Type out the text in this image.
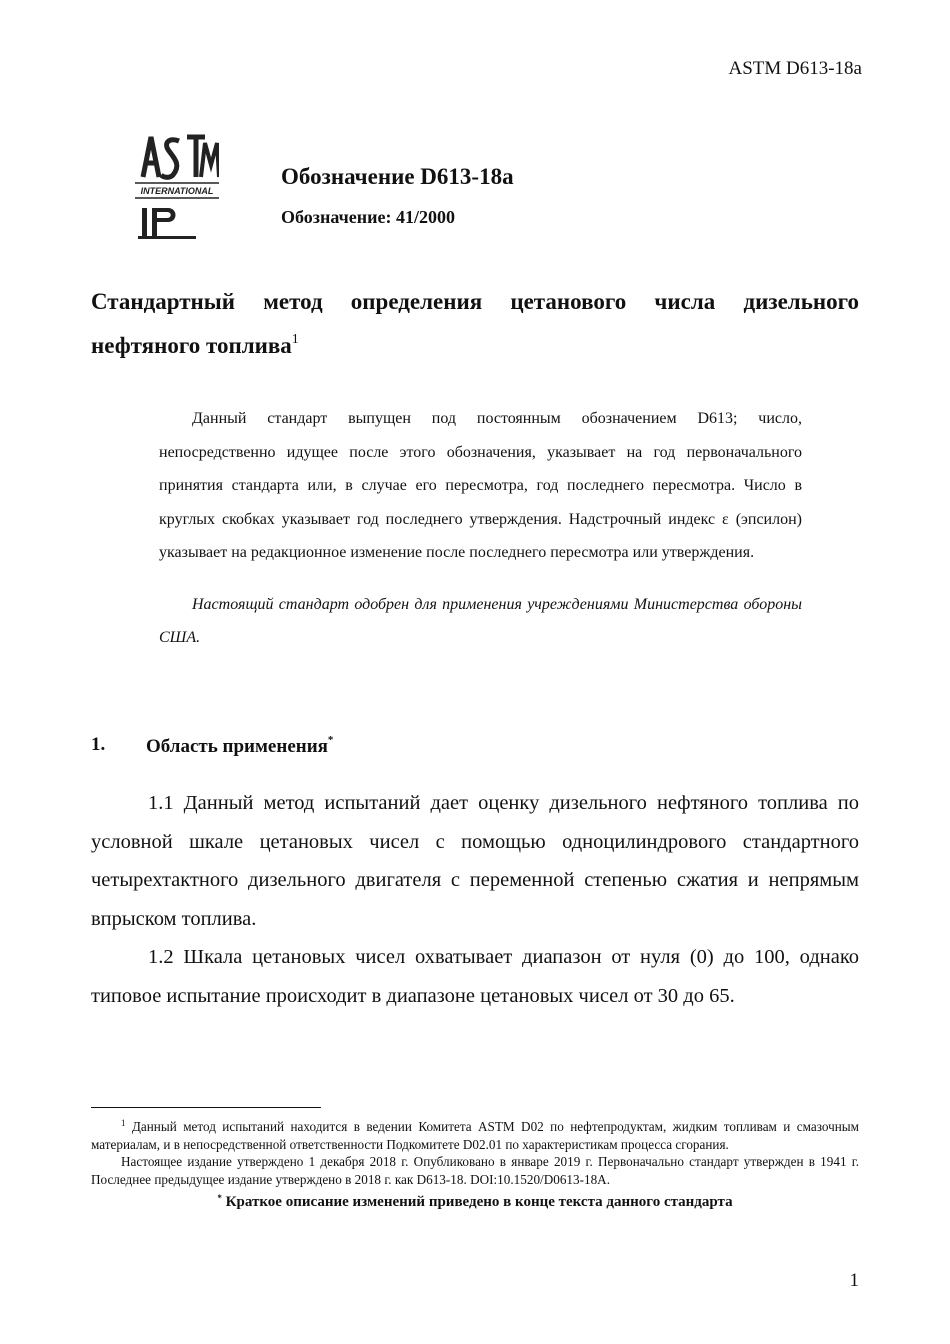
ASTM D613-18a
INTERNATIONAL
Обозначение D613-18a
Обозначение: 41/2000
Стандартный метод определения цетанового числа дизельного нефтяного топлива$^1$

Данный стандарт выпущен под постоянным обозначением D613; число, непосредственно идущее после этого обозначения, указывает на год первоначального принятия стандарта или, в случае его пересмотра, год последнего пересмотра. Число в круглых скобках указывает год последнего утверждения. Надстрочный индекс ε (эпсилон) указывает на редакционное изменение после последнего пересмотра или утверждения.

Настоящий стандарт одобрен для применения учреждениями Министерства обороны США.

1. Область применения*

1.1 Данный метод испытаний дает оценку дизельного нефтяного топлива по условной шкале цетановых чисел с помощью одноцилиндрового стандартного четырехтактного дизельного двигателя с переменной степенью сжатия и непрямым впрыском топлива.

1.2 Шкала цетановых чисел охватывает диапазон от нуля (0) до 100, однако типовое испытание происходит в диапазоне цетановых чисел от 30 до 65.

$^1$ Данный метод испытаний находится в ведении Комитета ASTM D02 по нефтепродуктам, жидким топливам и смазочным материалам, и в непосредственной ответственности Подкомитете D02.01 по характеристикам процесса сгорания.

Настоящее издание утверждено 1 декабря 2018 г. Опубликовано в январе 2019 г. Первоначально стандарт утвержден в 1941 г. Последнее предыдущее издание утверждено в 2018 г. как D613-18. DOI:10.1520/D0613-18A.

* Краткое описание изменений приведено в конце текста данного стандарта

1
